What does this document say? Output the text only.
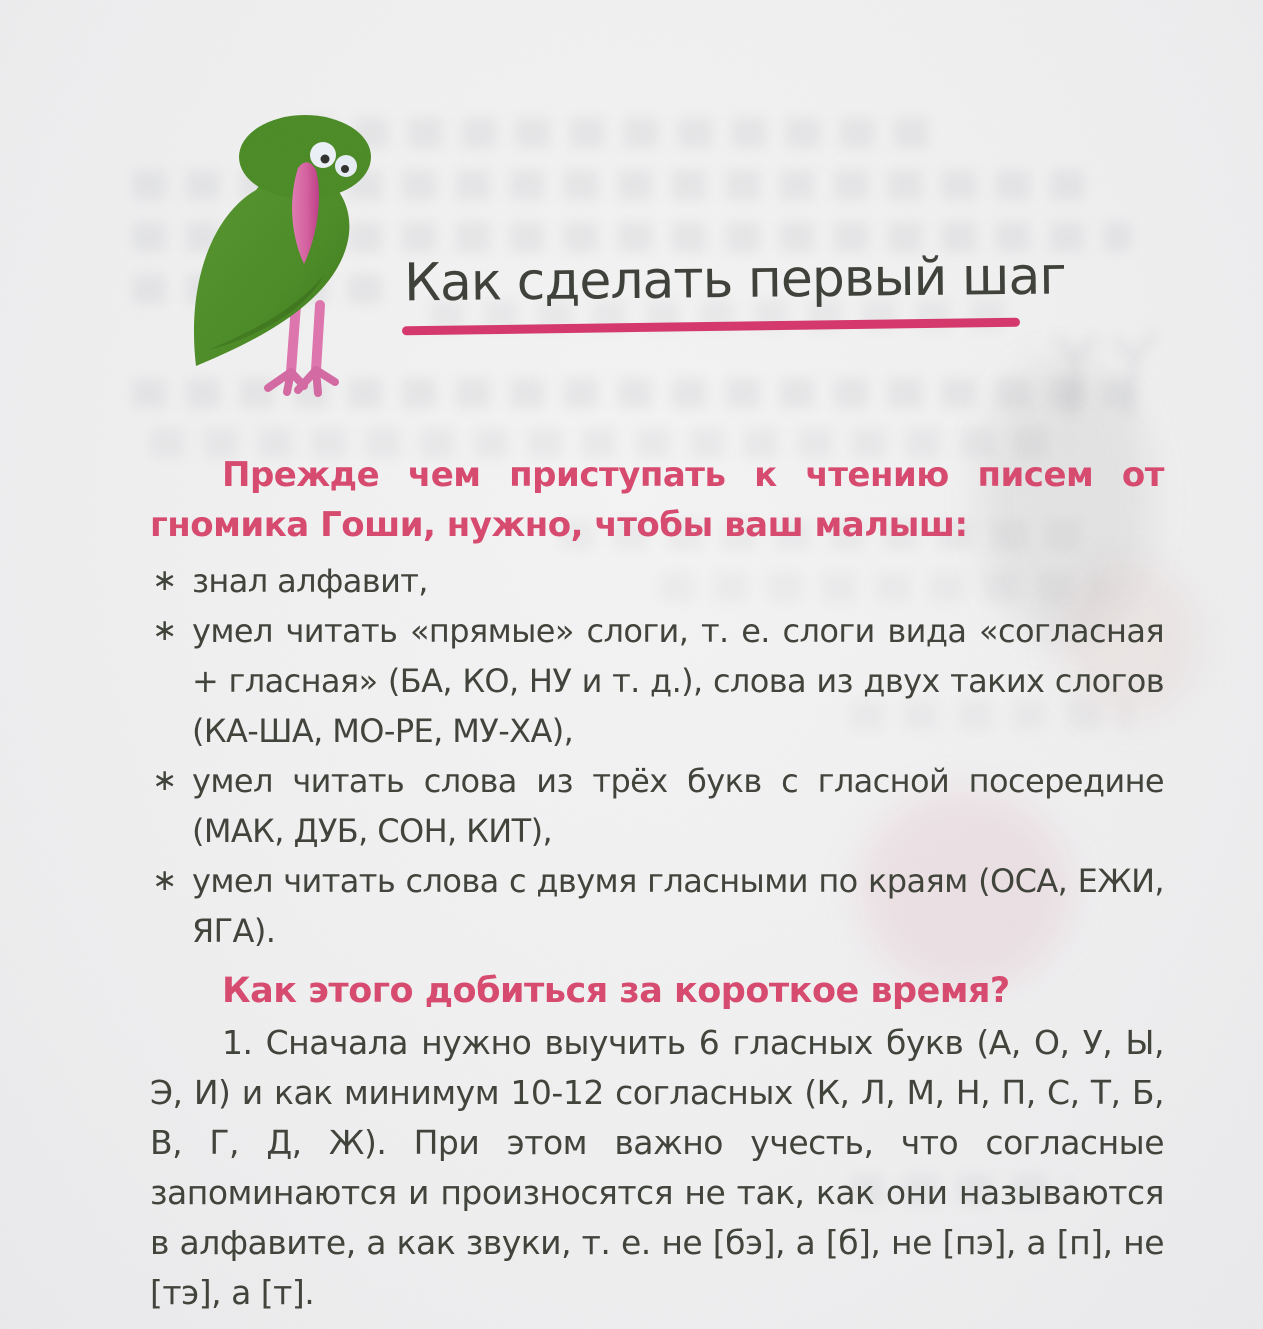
Как сделать первый шаг

Прежде чем приступать к чтению писем от гномика Гоши, нужно, чтобы ваш малыш:

∗ знал алфавит,
∗ умел читать «прямые» слоги, т. е. слоги вида «согласная + гласная» (БА, КО, НУ и т. д.), слова из двух таких слогов (КА-ША, МО-РЕ, МУ-ХА),
∗ умел читать слова из трёх букв с гласной посередине (МАК, ДУБ, СОН, КИТ),
∗ умел читать слова с двумя гласными по краям (ОСА, ЕЖИ, ЯГА).

Как этого добиться за короткое время?

1. Сначала нужно выучить 6 гласных букв (А, О, У, Ы, Э, И) и как минимум 10-12 согласных (К, Л, М, Н, П, С, Т, Б, В, Г, Д, Ж). При этом важно учесть, что согласные запоминаются и произносятся не так, как они называются в алфавите, а как звуки, т. е. не [бэ], а [б], не [пэ], а [п], не [тэ], а [т].
